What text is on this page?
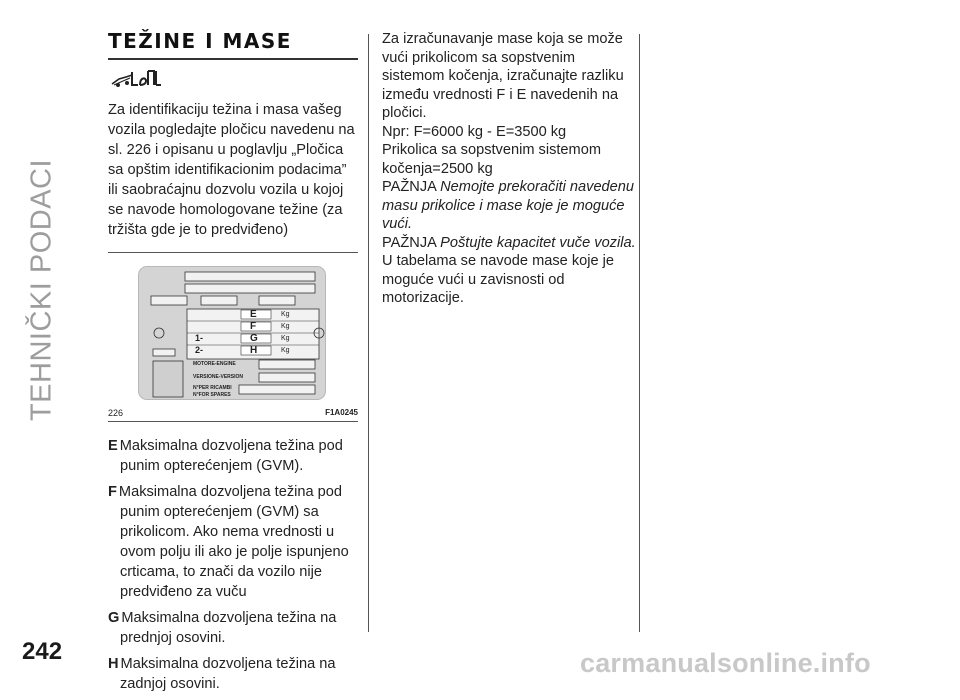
TEHNIČKI PODACI
242	carmanualsonline.info
TEŽINE I MASE

Za identifikaciju težina i masa vašeg vozila pogledajte pločicu navedenu na sl. 226 i opisanu u poglavlju „Pločica sa opštim identifikacionim podacima” ili saobraćajnu dozvolu vozila u kojoj se navode homologovane težine (za tržišta gde je to predviđeno)

E	Kg
F	Kg
1-	G	Kg
2-	H	Kg
MOTORE-ENGINE
VERSIONE-VERSION
N°PER RICAMBI
N°FOR SPARES
226	F1A0245

E Maksimalna dozvoljena težina pod punim opterećenjem (GVM).

F Maksimalna dozvoljena težina pod punim opterećenjem (GVM) sa prikolicom. Ako nema vrednosti u ovom polju ili ako je polje ispunjeno crticama, to znači da vozilo nije predviđeno za vuču

G Maksimalna dozvoljena težina na prednjoj osovini.

H Maksimalna dozvoljena težina na zadnjoj osovini.

Za izračunavanje mase koja se može vući prikolicom sa sopstvenim sistemom kočenja, izračunajte razliku između vrednosti F i E navedenih na pločici.

Npr: F=6000 kg - E=3500 kg

Prikolica sa sopstvenim sistemom kočenja=2500 kg

PAŽNJA Nemojte prekoračiti navedenu masu prikolice i mase koje je moguće vući.

PAŽNJA Poštujte kapacitet vuče vozila.

U tabelama se navode mase koje je moguće vući u zavisnosti od motorizacije.
